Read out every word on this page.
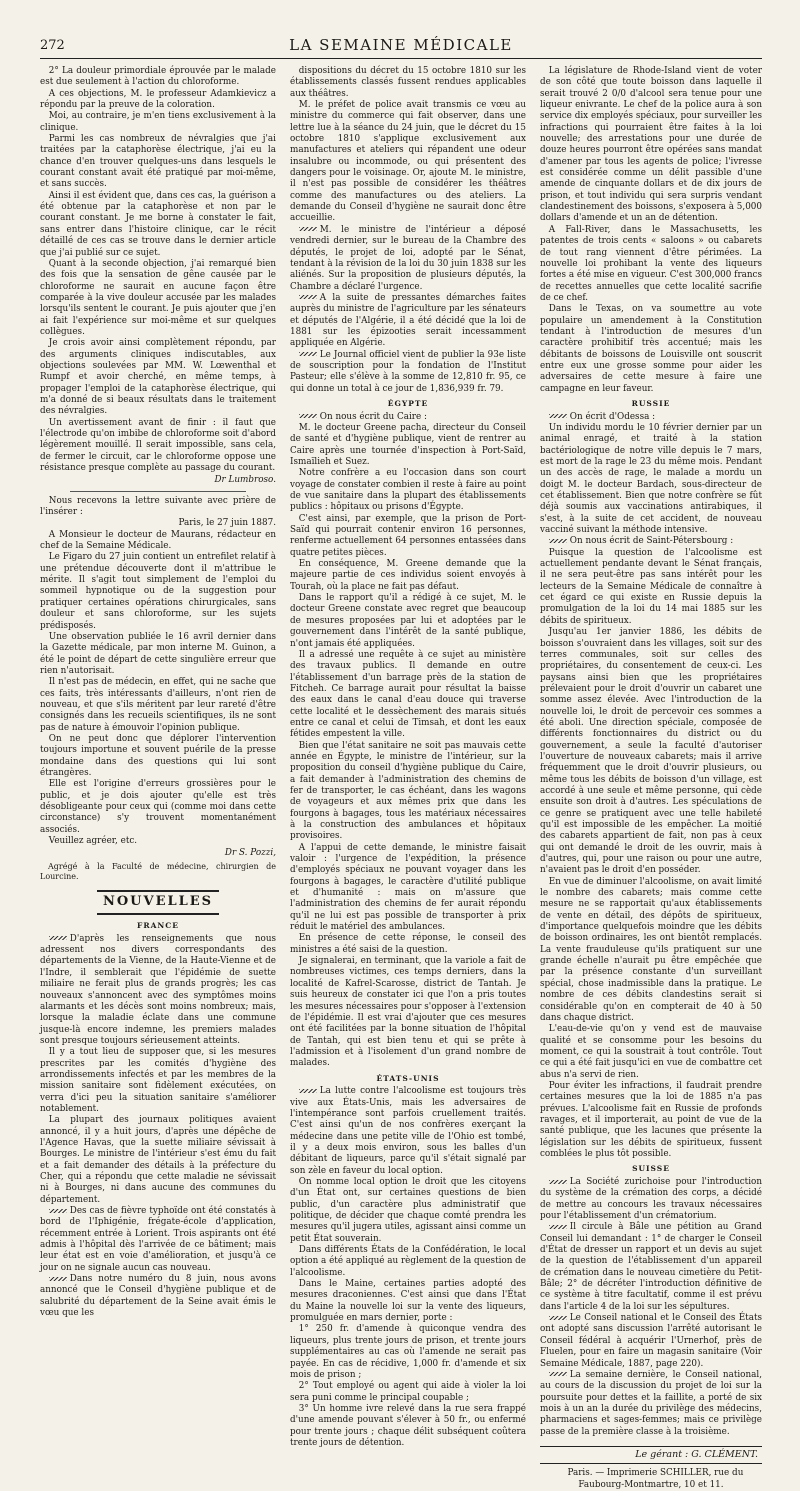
272	LA SEMAINE MÉDICALE

2° La douleur primordiale éprouvée par le malade est due seulement à l'action du chloroforme.

A ces objections, M. le professeur Adamkievicz a répondu par la preuve de la coloration.

Moi, au contraire, je m'en tiens exclusivement à la clinique.

Parmi les cas nombreux de névralgies que j'ai traitées par la cataphorèse électrique, j'ai eu la chance d'en trouver quelques-uns dans lesquels le courant constant avait été pratiqué par moi-même, et sans succès.

Ainsi il est évident que, dans ces cas, la guérison a été obtenue par la cataphorèse et non par le courant constant. Je me borne à constater le fait, sans entrer dans l'histoire clinique, car le récit détaillé de ces cas se trouve dans le dernier article que j'ai publié sur ce sujet.

Quant à la seconde objection, j'ai remarqué bien des fois que la sensation de gêne causée par le chloroforme ne saurait en aucune façon être comparée à la vive douleur accusée par les malades lorsqu'ils sentent le courant. Je puis ajouter que j'en ai fait l'expérience sur moi-même et sur quelques collègues.

Je crois avoir ainsi complètement répondu, par des arguments cliniques indiscutables, aux objections soulevées par MM. W. Lœwenthal et Rumpf et avoir cherché, en même temps, à propager l'emploi de la cataphorèse électrique, qui m'a donné de si beaux résultats dans le traitement des névralgies.

Un avertissement avant de finir : il faut que l'électrode qu'on imbibe de chloroforme soit d'abord légèrement mouillé. Il serait impossible, sans cela, de fermer le circuit, car le chloroforme oppose une résistance presque complète au passage du courant.

Dr Lumbroso.

Nous recevons la lettre suivante avec prière de l'insérer :

Paris, le 27 juin 1887.

A Monsieur le docteur de Maurans, rédacteur en chef de la Semaine Médicale.

Le Figaro du 27 juin contient un entrefilet relatif à une prétendue découverte dont il m'attribue le mérite. Il s'agit tout simplement de l'emploi du sommeil hypnotique ou de la suggestion pour pratiquer certaines opérations chirurgicales, sans douleur et sans chloroforme, sur les sujets prédisposés.

Une observation publiée le 16 avril dernier dans la Gazette médicale, par mon interne M. Guinon, a été le point de départ de cette singulière erreur que rien n'autorisait.

Il n'est pas de médecin, en effet, qui ne sache que ces faits, très intéressants d'ailleurs, n'ont rien de nouveau, et que s'ils méritent par leur rareté d'être consignés dans les recueils scientifiques, ils ne sont pas de nature à émouvoir l'opinion publique.

On ne peut donc que déplorer l'intervention toujours importune et souvent puérile de la presse mondaine dans des questions qui lui sont étrangères.

Elle est l'origine d'erreurs grossières pour le public, et je dois ajouter qu'elle est très désobligeante pour ceux qui (comme moi dans cette circonstance) s'y trouvent momentanément associés.

Veuillez agréer, etc.

Dr S. Pozzi,

Agrégé à la Faculté de médecine, chirurgien de Lourcine.

NOUVELLES
FRANCE

D'après les renseignements que nous adressent nos divers correspondants des départements de la Vienne, de la Haute-Vienne et de l'Indre, il semblerait que l'épidémie de suette miliaire ne ferait plus de grands progrès; les cas nouveaux s'annoncent avec des symptômes moins alarmants et les décès sont moins nombreux; mais, lorsque la maladie éclate dans une commune jusque-là encore indemne, les premiers malades sont presque toujours sérieusement atteints.

Il y a tout lieu de supposer que, si les mesures prescrites par les comités d'hygiène des arrondissements infectés et par les membres de la mission sanitaire sont fidèlement exécutées, on verra d'ici peu la situation sanitaire s'améliorer notablement.

La plupart des journaux politiques avaient annoncé, il y a huit jours, d'après une dépêche de l'Agence Havas, que la suette miliaire sévissait à Bourges. Le ministre de l'intérieur s'est ému du fait et a fait demander des détails à la préfecture du Cher, qui a répondu que cette maladie ne sévissait ni à Bourges, ni dans aucune des communes du département.

Des cas de fièvre typhoïde ont été constatés à bord de l'Iphigénie, frégate-école d'application, récemment entrée à Lorient. Trois aspirants ont été admis à l'hôpital dès l'arrivée de ce bâtiment; mais leur état est en voie d'amélioration, et jusqu'à ce jour on ne signale aucun cas nouveau.

Dans notre numéro du 8 juin, nous avons annoncé que le Conseil d'hygiène publique et de salubrité du département de la Seine avait émis le vœu que les

dispositions du décret du 15 octobre 1810 sur les établissements classés fussent rendues applicables aux théâtres.

M. le préfet de police avait transmis ce vœu au ministre du commerce qui fait observer, dans une lettre lue à la séance du 24 juin, que le décret du 15 octobre 1810 s'applique exclusivement aux manufactures et ateliers qui répandent une odeur insalubre ou incommode, ou qui présentent des dangers pour le voisinage. Or, ajoute M. le ministre, il n'est pas possible de considérer les théâtres comme des manufactures ou des ateliers. La demande du Conseil d'hygiène ne saurait donc être accueillie.

M. le ministre de l'intérieur a déposé vendredi dernier, sur le bureau de la Chambre des députés, le projet de loi, adopté par le Sénat, tendant à la révision de la loi du 30 juin 1838 sur les aliénés. Sur la proposition de plusieurs députés, la Chambre a déclaré l'urgence.

A la suite de pressantes démarches faites auprès du ministre de l'agriculture par les sénateurs et députés de l'Algérie, il a été décidé que la loi de 1881 sur les épizooties serait incessamment appliquée en Algérie.

Le Journal officiel vient de publier la 93e liste de souscription pour la fondation de l'Institut Pasteur; elle s'élève à la somme de 12,810 fr. 95, ce qui donne un total à ce jour de 1,836,939 fr. 79.

ÉGYPTE

On nous écrit du Caire :

M. le docteur Greene pacha, directeur du Conseil de santé et d'hygiène publique, vient de rentrer au Caire après une tournée d'inspection à Port-Saïd, Ismaïlieh et Suez.

Notre confrère a eu l'occasion dans son court voyage de constater combien il reste à faire au point de vue sanitaire dans la plupart des établissements publics : hôpitaux ou prisons d'Égypte.

C'est ainsi, par exemple, que la prison de Port-Saïd qui pourrait contenir environ 16 personnes, renferme actuellement 64 personnes entassées dans quatre petites pièces.

En conséquence, M. Greene demande que la majeure partie de ces individus soient envoyés à Tourah, où la place ne fait pas défaut.

Dans le rapport qu'il a rédigé à ce sujet, M. le docteur Greene constate avec regret que beaucoup de mesures proposées par lui et adoptées par le gouvernement dans l'intérêt de la santé publique, n'ont jamais été appliquées.

Il a adressé une requête à ce sujet au ministère des travaux publics. Il demande en outre l'établissement d'un barrage près de la station de Fitcheh. Ce barrage aurait pour résultat la baisse des eaux dans le canal d'eau douce qui traverse cette localité et le dessèchement des marais situés entre ce canal et celui de Timsah, et dont les eaux fétides empestent la ville.

Bien que l'état sanitaire ne soit pas mauvais cette année en Égypte, le ministre de l'intérieur, sur la proposition du conseil d'hygiène publique du Caire, a fait demander à l'administration des chemins de fer de transporter, le cas échéant, dans les wagons de voyageurs et aux mêmes prix que dans les fourgons à bagages, tous les matériaux nécessaires à la construction des ambulances et hôpitaux provisoires.

A l'appui de cette demande, le ministre faisait valoir : l'urgence de l'expédition, la présence d'employés spéciaux ne pouvant voyager dans les fourgons à bagages, le caractère d'utilité publique et d'humanité : mais on m'assure que l'administration des chemins de fer aurait répondu qu'il ne lui est pas possible de transporter à prix réduit le matériel des ambulances.

En présence de cette réponse, le conseil des ministres a été saisi de la question.

Je signalerai, en terminant, que la variole a fait de nombreuses victimes, ces temps derniers, dans la localité de Kafrel-Scarosse, district de Tantah. Je suis heureux de constater ici que l'on a pris toutes les mesures nécessaires pour s'opposer à l'extension de l'épidémie. Il est vrai d'ajouter que ces mesures ont été facilitées par la bonne situation de l'hôpital de Tantah, qui est bien tenu et qui se prête à l'admission et à l'isolement d'un grand nombre de malades.

ÉTATS-UNIS

La lutte contre l'alcoolisme est toujours très vive aux États-Unis, mais les adversaires de l'intempérance sont parfois cruellement traités. C'est ainsi qu'un de nos confrères exerçant la médecine dans une petite ville de l'Ohio est tombé, il y a deux mois environ, sous les balles d'un débitant de liqueurs, parce qu'il s'était signalé par son zèle en faveur du local option.

On nomme local option le droit que les citoyens d'un État ont, sur certaines questions de bien public, d'un caractère plus administratif que politique, de décider que chaque comté prendra les mesures qu'il jugera utiles, agissant ainsi comme un petit État souverain.

Dans différents États de la Confédération, le local option a été appliqué au règlement de la question de l'alcoolisme.

Dans le Maine, certaines parties adopté des mesures draconiennes. C'est ainsi que dans l'État du Maine la nouvelle loi sur la vente des liqueurs, promulguée en mars dernier, porte :

1° 250 fr. d'amende à quiconque vendra des liqueurs, plus trente jours de prison, et trente jours supplémentaires au cas où l'amende ne serait pas payée. En cas de récidive, 1,000 fr. d'amende et six mois de prison ;

2° Tout employé ou agent qui aide à violer la loi sera puni comme le principal coupable ;

3° Un homme ivre relevé dans la rue sera frappé d'une amende pouvant s'élever à 50 fr., ou enfermé pour trente jours ; chaque délit subséquent coûtera trente jours de détention.

La législature de Rhode-Island vient de voter de son côté que toute boisson dans laquelle il serait trouvé 2 0/0 d'alcool sera tenue pour une liqueur enivrante. Le chef de la police aura à son service dix employés spéciaux, pour surveiller les infractions qui pourraient être faites à la loi nouvelle; des arrestations pour une durée de douze heures pourront être opérées sans mandat d'amener par tous les agents de police; l'ivresse est considérée comme un délit passible d'une amende de cinquante dollars et de dix jours de prison, et tout individu qui sera surpris vendant clandestinement des boissons, s'exposera à 5,000 dollars d'amende et un an de détention.

A Fall-River, dans le Massachusetts, les patentes de trois cents « saloons » ou cabarets de tout rang viennent d'être périmées. La nouvelle loi prohibant la vente des liqueurs fortes a été mise en vigueur. C'est 300,000 francs de recettes annuelles que cette localité sacrifie de ce chef.

Dans le Texas, on va soumettre au vote populaire un amendement à la Constitution tendant à l'introduction de mesures d'un caractère prohibitif très accentué; mais les débitants de boissons de Louisville ont souscrit entre eux une grosse somme pour aider les adversaires de cette mesure à faire une campagne en leur faveur.

RUSSIE

On écrit d'Odessa :

Un individu mordu le 10 février dernier par un animal enragé, et traité à la station bactériologique de notre ville depuis le 7 mars, est mort de la rage le 23 du même mois. Pendant un des accès de rage, le malade a mordu un doigt M. le docteur Bardach, sous-directeur de cet établissement. Bien que notre confrère se fût déjà soumis aux vaccinations antirabiques, il s'est, à la suite de cet accident, de nouveau vacciné suivant la méthode intensive.

On nous écrit de Saint-Pétersbourg :

Puisque la question de l'alcoolisme est actuellement pendante devant le Sénat français, il ne sera peut-être pas sans intérêt pour les lecteurs de la Semaine Médicale de connaître à cet égard ce qui existe en Russie depuis la promulgation de la loi du 14 mai 1885 sur les débits de spiritueux.

Jusqu'au 1er janvier 1886, les débits de boisson s'ouvraient dans les villages, soit sur des terres communales, soit sur celles des propriétaires, du consentement de ceux-ci. Les paysans ainsi bien que les propriétaires prélevaient pour le droit d'ouvrir un cabaret une somme assez élevée. Avec l'introduction de la nouvelle loi, le droit de percevoir ces sommes a été aboli. Une direction spéciale, composée de différents fonctionnaires du district ou du gouvernement, a seule la faculté d'autoriser l'ouverture de nouveaux cabarets; mais il arrive fréquemment que le droit d'ouvrir plusieurs, ou même tous les débits de boisson d'un village, est accordé à une seule et même personne, qui cède ensuite son droit à d'autres. Les spéculations de ce genre se pratiquent avec une telle habileté qu'il est impossible de les empêcher. La moitié des cabarets appartient de fait, non pas à ceux qui ont demandé le droit de les ouvrir, mais à d'autres, qui, pour une raison ou pour une autre, n'avaient pas le droit d'en posséder.

En vue de diminuer l'alcoolisme, on avait limité le nombre des cabarets; mais comme cette mesure ne se rapportait qu'aux établissements de vente en détail, des dépôts de spiritueux, d'importance quelquefois moindre que les débits de boisson ordinaires, les ont bientôt remplacés. La vente frauduleuse qu'ils pratiquent sur une grande échelle n'aurait pu être empêchée que par la présence constante d'un surveillant spécial, chose inadmissible dans la pratique. Le nombre de ces débits clandestins serait si considérable qu'on en compterait de 40 à 50 dans chaque district.

L'eau-de-vie qu'on y vend est de mauvaise qualité et se consomme pour les besoins du moment, ce qui la soustrait à tout contrôle. Tout ce qui a été fait jusqu'ici en vue de combattre cet abus n'a servi de rien.

Pour éviter les infractions, il faudrait prendre certaines mesures que la loi de 1885 n'a pas prévues. L'alcoolisme fait en Russie de profonds ravages, et il importerait, au point de vue de la santé publique, que les lacunes que présente la législation sur les débits de spiritueux, fussent comblées le plus tôt possible.

SUISSE

La Société zurichoise pour l'introduction du système de la crémation des corps, a décidé de mettre au concours les travaux nécessaires pour l'établissement d'un crématorium.

Il circule à Bâle une pétition au Grand Conseil lui demandant : 1° de charger le Conseil d'État de dresser un rapport et un devis au sujet de la question de l'établissement d'un appareil de crémation dans le nouveau cimetière du Petit-Bâle; 2° de décréter l'introduction définitive de ce système à titre facultatif, comme il est prévu dans l'article 4 de la loi sur les sépultures.

Le Conseil national et le Conseil des États ont adopté sans discussion l'arrêté autorisant le Conseil fédéral à acquérir l'Urnerhof, près de Fluelen, pour en faire un magasin sanitaire (Voir Semaine Médicale, 1887, page 220).

La semaine dernière, le Conseil national, au cours de la discussion du projet de loi sur la poursuite pour dettes et la faillite, a porté de six mois à un an la durée du privilège des médecins, pharmaciens et sages-femmes; mais ce privilège passe de la première classe à la troisième.

Le gérant : G. CLÉMENT.

Paris. — Imprimerie SCHILLER, rue du Faubourg-Montmartre, 10 et 11.
